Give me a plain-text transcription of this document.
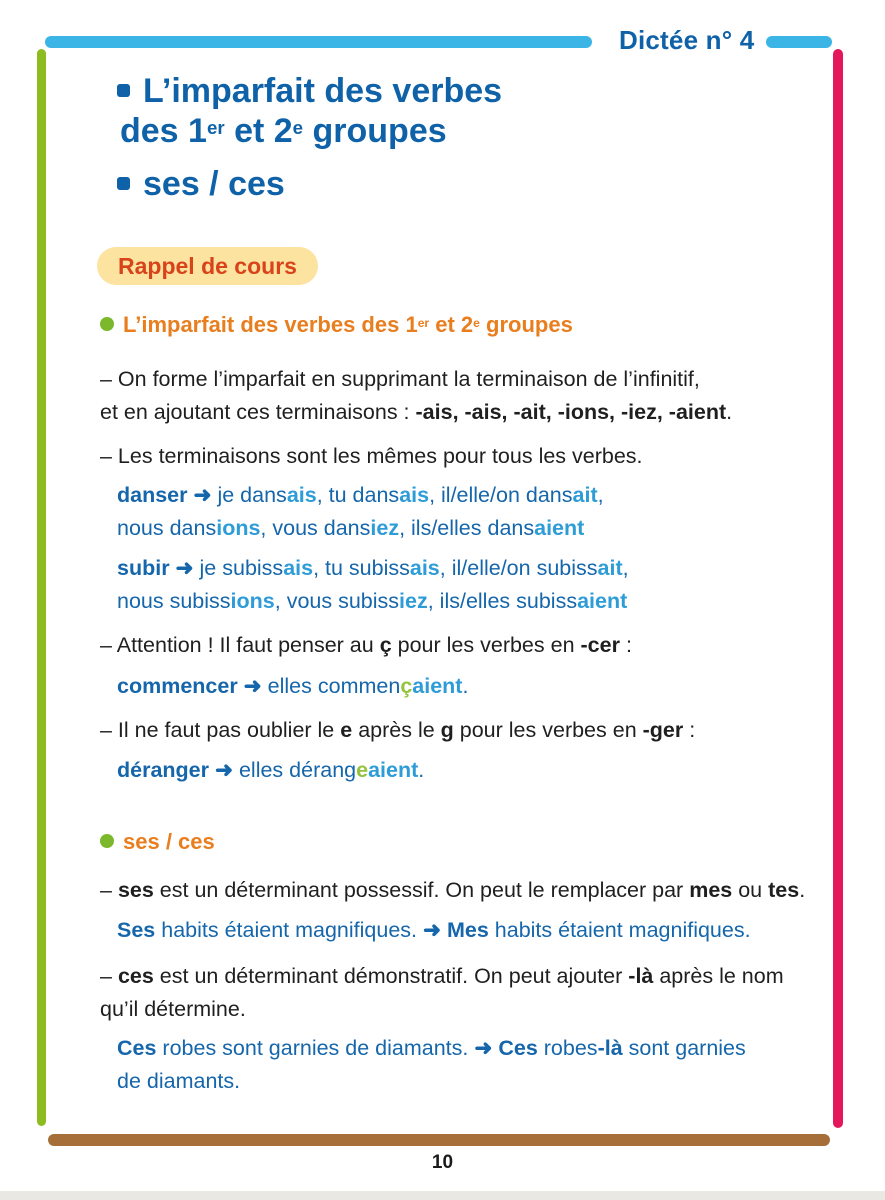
Dictée n° 4
L’imparfait des verbes
des 1er et 2e groupes
ses / ces
Rappel de cours
L’imparfait des verbes des 1er et 2e groupes
– On forme l’imparfait en supprimant la terminaison de l’infinitif,
et en ajoutant ces terminaisons : -ais, -ais, -ait, -ions, -iez, -aient.
– Les terminaisons sont les mêmes pour tous les verbes.
danser ➜ je dansais, tu dansais, il/elle/on dansait,
nous dansions, vous dansiez, ils/elles dansaient
subir ➜ je subissais, tu subissais, il/elle/on subissait,
nous subissions, vous subissiez, ils/elles subissaient
– Attention ! Il faut penser au ç pour les verbes en -cer :
commencer ➜ elles commençaient.
– Il ne faut pas oublier le e après le g pour les verbes en -ger :
déranger ➜ elles dérangeaient.
ses / ces
– ses est un déterminant possessif. On peut le remplacer par mes ou tes.
Ses habits étaient magnifiques. ➜ Mes habits étaient magnifiques.
– ces est un déterminant démonstratif. On peut ajouter -là après le nom
qu’il détermine.
Ces robes sont garnies de diamants. ➜ Ces robes-là sont garnies
de diamants.
10
